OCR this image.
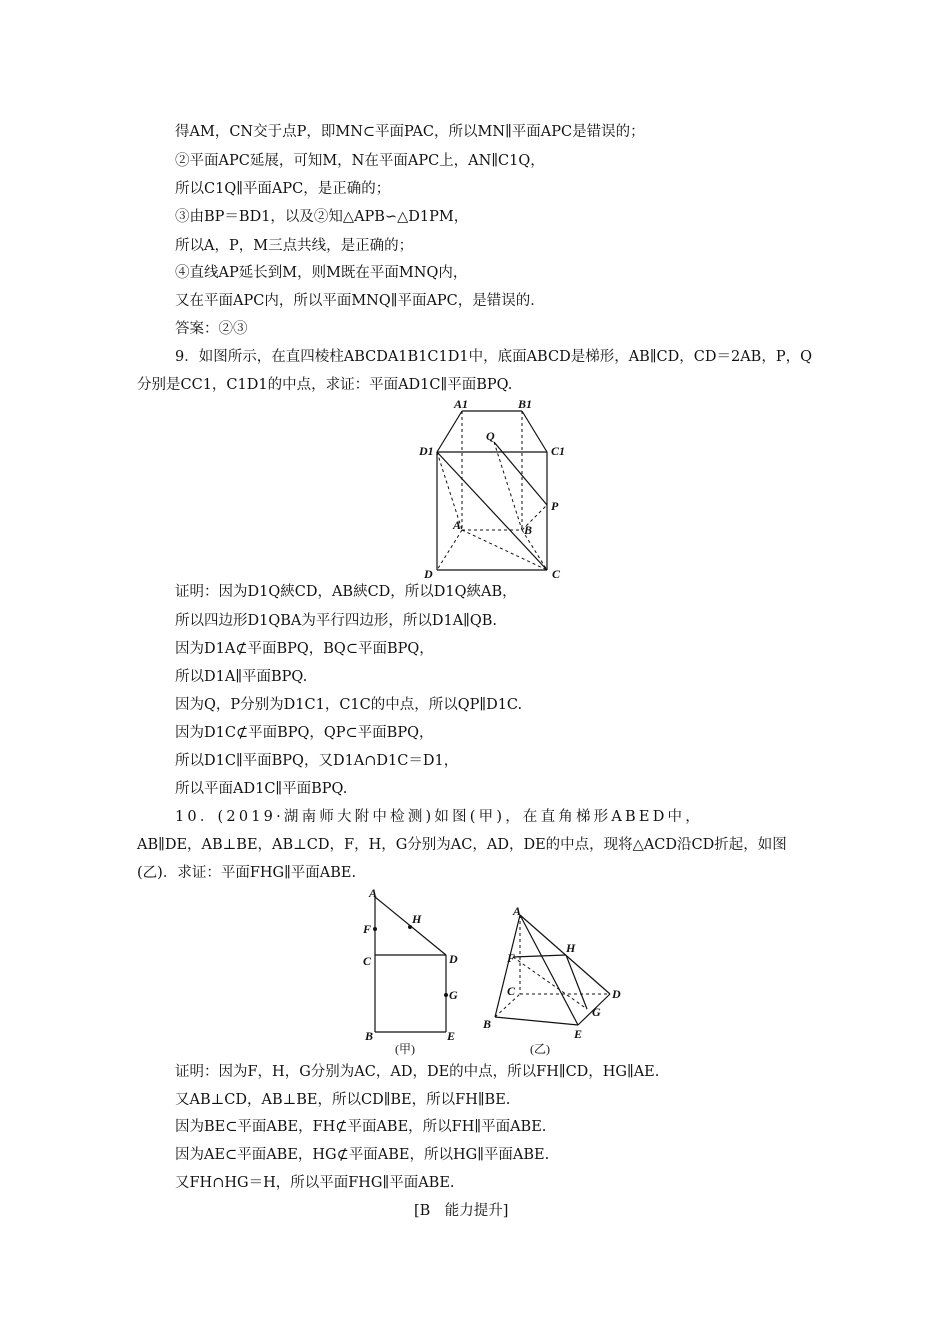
得AM，CN交于点P，即MN⊂平面PAC，所以MN∥平面APC是错误的；
②平面APC延展，可知M，N在平面APC上，AN∥C1Q，
所以C1Q∥平面APC，是正确的；
③由BP＝BD1，以及②知△APB∽△D1PM，
所以A，P，M三点共线，是正确的；
④直线AP延长到M，则M既在平面MNQ内，
又在平面APC内，所以平面MNQ∥平面APC，是错误的．
答案：②③
9．如图所示，在直四棱柱ABCDA1B1C1D1中，底面ABCD是梯形，AB∥CD，CD＝2AB，P，Q
分别是CC1，C1D1的中点，求证：平面AD1C∥平面BPQ.
A1	B1
Q
D1	C1
P
A	B
D	C
证明：因为D1Q綊CD，AB綊CD，所以D1Q綊AB，
所以四边形D1QBA为平行四边形，所以D1A∥QB.
因为D1A⊄平面BPQ，BQ⊂平面BPQ，
所以D1A∥平面BPQ.
因为Q，P分别为D1C1，C1C的中点，所以QP∥D1C.
因为D1C⊄平面BPQ，QP⊂平面BPQ，
所以D1C∥平面BPQ，又D1A∩D1C＝D1，
所以平面AD1C∥平面BPQ.
10．(2019·湖南师大附中检测)如图(甲)，在直角梯形ABED中，
AB∥DE，AB⊥BE，AB⊥CD，F，H，G分别为AC，AD，DE的中点，现将△ACD沿CD折起，如图
(乙)．求证：平面FHG∥平面ABE.
A
F
H
C	D
G
B	E
(甲)
A
F
H
C	D
G
B
E
(乙)
证明：因为F，H，G分别为AC，AD，DE的中点，所以FH∥CD，HG∥AE.
又AB⊥CD，AB⊥BE，所以CD∥BE，所以FH∥BE.
因为BE⊂平面ABE，FH⊄平面ABE，所以FH∥平面ABE.
因为AE⊂平面ABE，HG⊄平面ABE，所以HG∥平面ABE.
又FH∩HG＝H，所以平面FHG∥平面ABE.
[B　能力提升]
